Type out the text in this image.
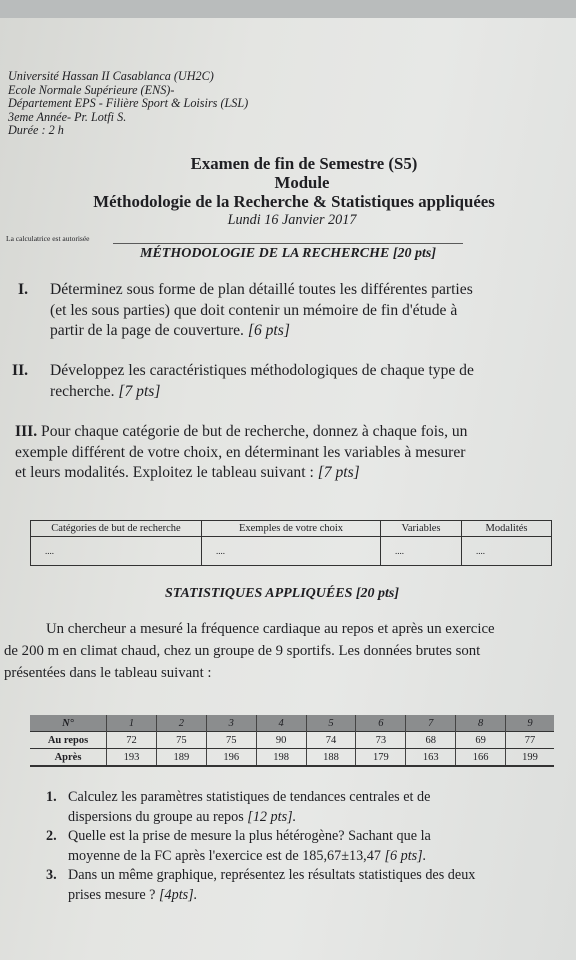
Université Hassan II Casablanca (UH2C)
Ecole Normale Supérieure (ENS)-
Département EPS - Filière Sport & Loisirs (LSL)
3eme Année- Pr. Lotfi S.
Durée : 2 h
Examen de fin de Semestre (S5)
Module
Méthodologie de la Recherche & Statistiques appliquées
Lundi 16 Janvier 2017
La calculatrice est autorisée
MÉTHODOLOGIE DE LA RECHERCHE [20 pts]
I. Déterminez sous forme de plan détaillé toutes les différentes parties

(et les sous parties) que doit contenir un mémoire de fin d'étude à

partir de la page de couverture. [6 pts]

II. Développez les caractéristiques méthodologiques de chaque type de

recherche. [7 pts]

III. Pour chaque catégorie de but de recherche, donnez à chaque fois, un

exemple différent de votre choix, en déterminant les variables à mesurer

et leurs modalités. Exploitez le tableau suivant : [7 pts]

Catégories de but de recherche	Exemples de votre choix	Variables	Modalités
....	....	....	....
STATISTIQUES APPLIQUÉES [20 pts]

Un chercheur a mesuré la fréquence cardiaque au repos et après un exercice

de 200 m en climat chaud, chez un groupe de 9 sportifs. Les données brutes sont

présentées dans le tableau suivant :

N°	1	2	3	4	5	6	7	8	9
Au repos	72	75	75	90	74	73	68	69	77
Après	193	189	196	198	188	179	163	166	199
1. Calculez les paramètres statistiques de tendances centrales et de

dispersions du groupe au repos [12 pts].

2. Quelle est la prise de mesure la plus hétérogène? Sachant que la

moyenne de la FC après l'exercice est de 185,67±13,47 [6 pts].

3. Dans un même graphique, représentez les résultats statistiques des deux

prises mesure ? [4pts].
